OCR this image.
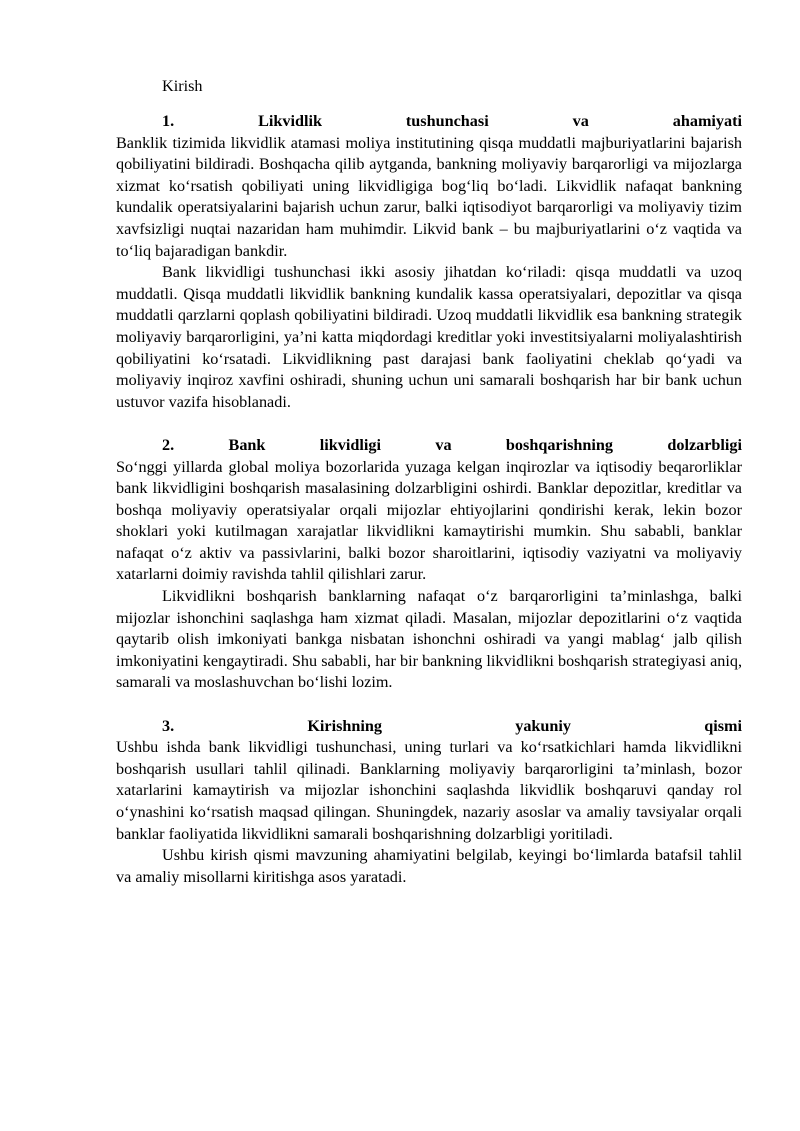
Kirish

1.	Likvidlik	tushunchasi	va	ahamiyati

Banklik tizimida likvidlik atamasi moliya institutining qisqa muddatli majburiyatlarini bajarish qobiliyatini bildiradi. Boshqacha qilib aytganda, bankning moliyaviy barqarorligi va mijozlarga xizmat ko‘rsatish qobiliyati uning likvidligiga bog‘liq bo‘ladi. Likvidlik nafaqat bankning kundalik operatsiyalarini bajarish uchun zarur, balki iqtisodiyot barqarorligi va moliyaviy tizim xavfsizligi nuqtai nazaridan ham muhimdir. Likvid bank – bu majburiyatlarini o‘z vaqtida va to‘liq bajaradigan bankdir.

Bank likvidligi tushunchasi ikki asosiy jihatdan ko‘riladi: qisqa muddatli va uzoq muddatli. Qisqa muddatli likvidlik bankning kundalik kassa operatsiyalari, depozitlar va qisqa muddatli qarzlarni qoplash qobiliyatini bildiradi. Uzoq muddatli likvidlik esa bankning strategik moliyaviy barqarorligini, ya’ni katta miqdordagi kreditlar yoki investitsiyalarni moliyalashtirish qobiliyatini ko‘rsatadi. Likvidlikning past darajasi bank faoliyatini cheklab qo‘yadi va moliyaviy inqiroz xavfini oshiradi, shuning uchun uni samarali boshqarish har bir bank uchun ustuvor vazifa hisoblanadi.

2.	Bank	likvidligi	va	boshqarishning	dolzarbligi

So‘nggi yillarda global moliya bozorlarida yuzaga kelgan inqirozlar va iqtisodiy beqarorliklar bank likvidligini boshqarish masalasining dolzarbligini oshirdi. Banklar depozitlar, kreditlar va boshqa moliyaviy operatsiyalar orqali mijozlar ehtiyojlarini qondirishi kerak, lekin bozor shoklari yoki kutilmagan xarajatlar likvidlikni kamaytirishi mumkin. Shu sababli, banklar nafaqat o‘z aktiv va passivlarini, balki bozor sharoitlarini, iqtisodiy vaziyatni va moliyaviy xatarlarni doimiy ravishda tahlil qilishlari zarur.

Likvidlikni boshqarish banklarning nafaqat o‘z barqarorligini ta’minlashga, balki mijozlar ishonchini saqlashga ham xizmat qiladi. Masalan, mijozlar depozitlarini o‘z vaqtida qaytarib olish imkoniyati bankga nisbatan ishonchni oshiradi va yangi mablag‘ jalb qilish imkoniyatini kengaytiradi. Shu sababli, har bir bankning likvidlikni boshqarish strategiyasi aniq, samarali va moslashuvchan bo‘lishi lozim.

3.	Kirishning	yakuniy	qismi

Ushbu ishda bank likvidligi tushunchasi, uning turlari va ko‘rsatkichlari hamda likvidlikni boshqarish usullari tahlil qilinadi. Banklarning moliyaviy barqarorligini ta’minlash, bozor xatarlarini kamaytirish va mijozlar ishonchini saqlashda likvidlik boshqaruvi qanday rol o‘ynashini ko‘rsatish maqsad qilingan. Shuningdek, nazariy asoslar va amaliy tavsiyalar orqali banklar faoliyatida likvidlikni samarali boshqarishning dolzarbligi yoritiladi.

Ushbu kirish qismi mavzuning ahamiyatini belgilab, keyingi bo‘limlarda batafsil tahlil va amaliy misollarni kiritishga asos yaratadi.
